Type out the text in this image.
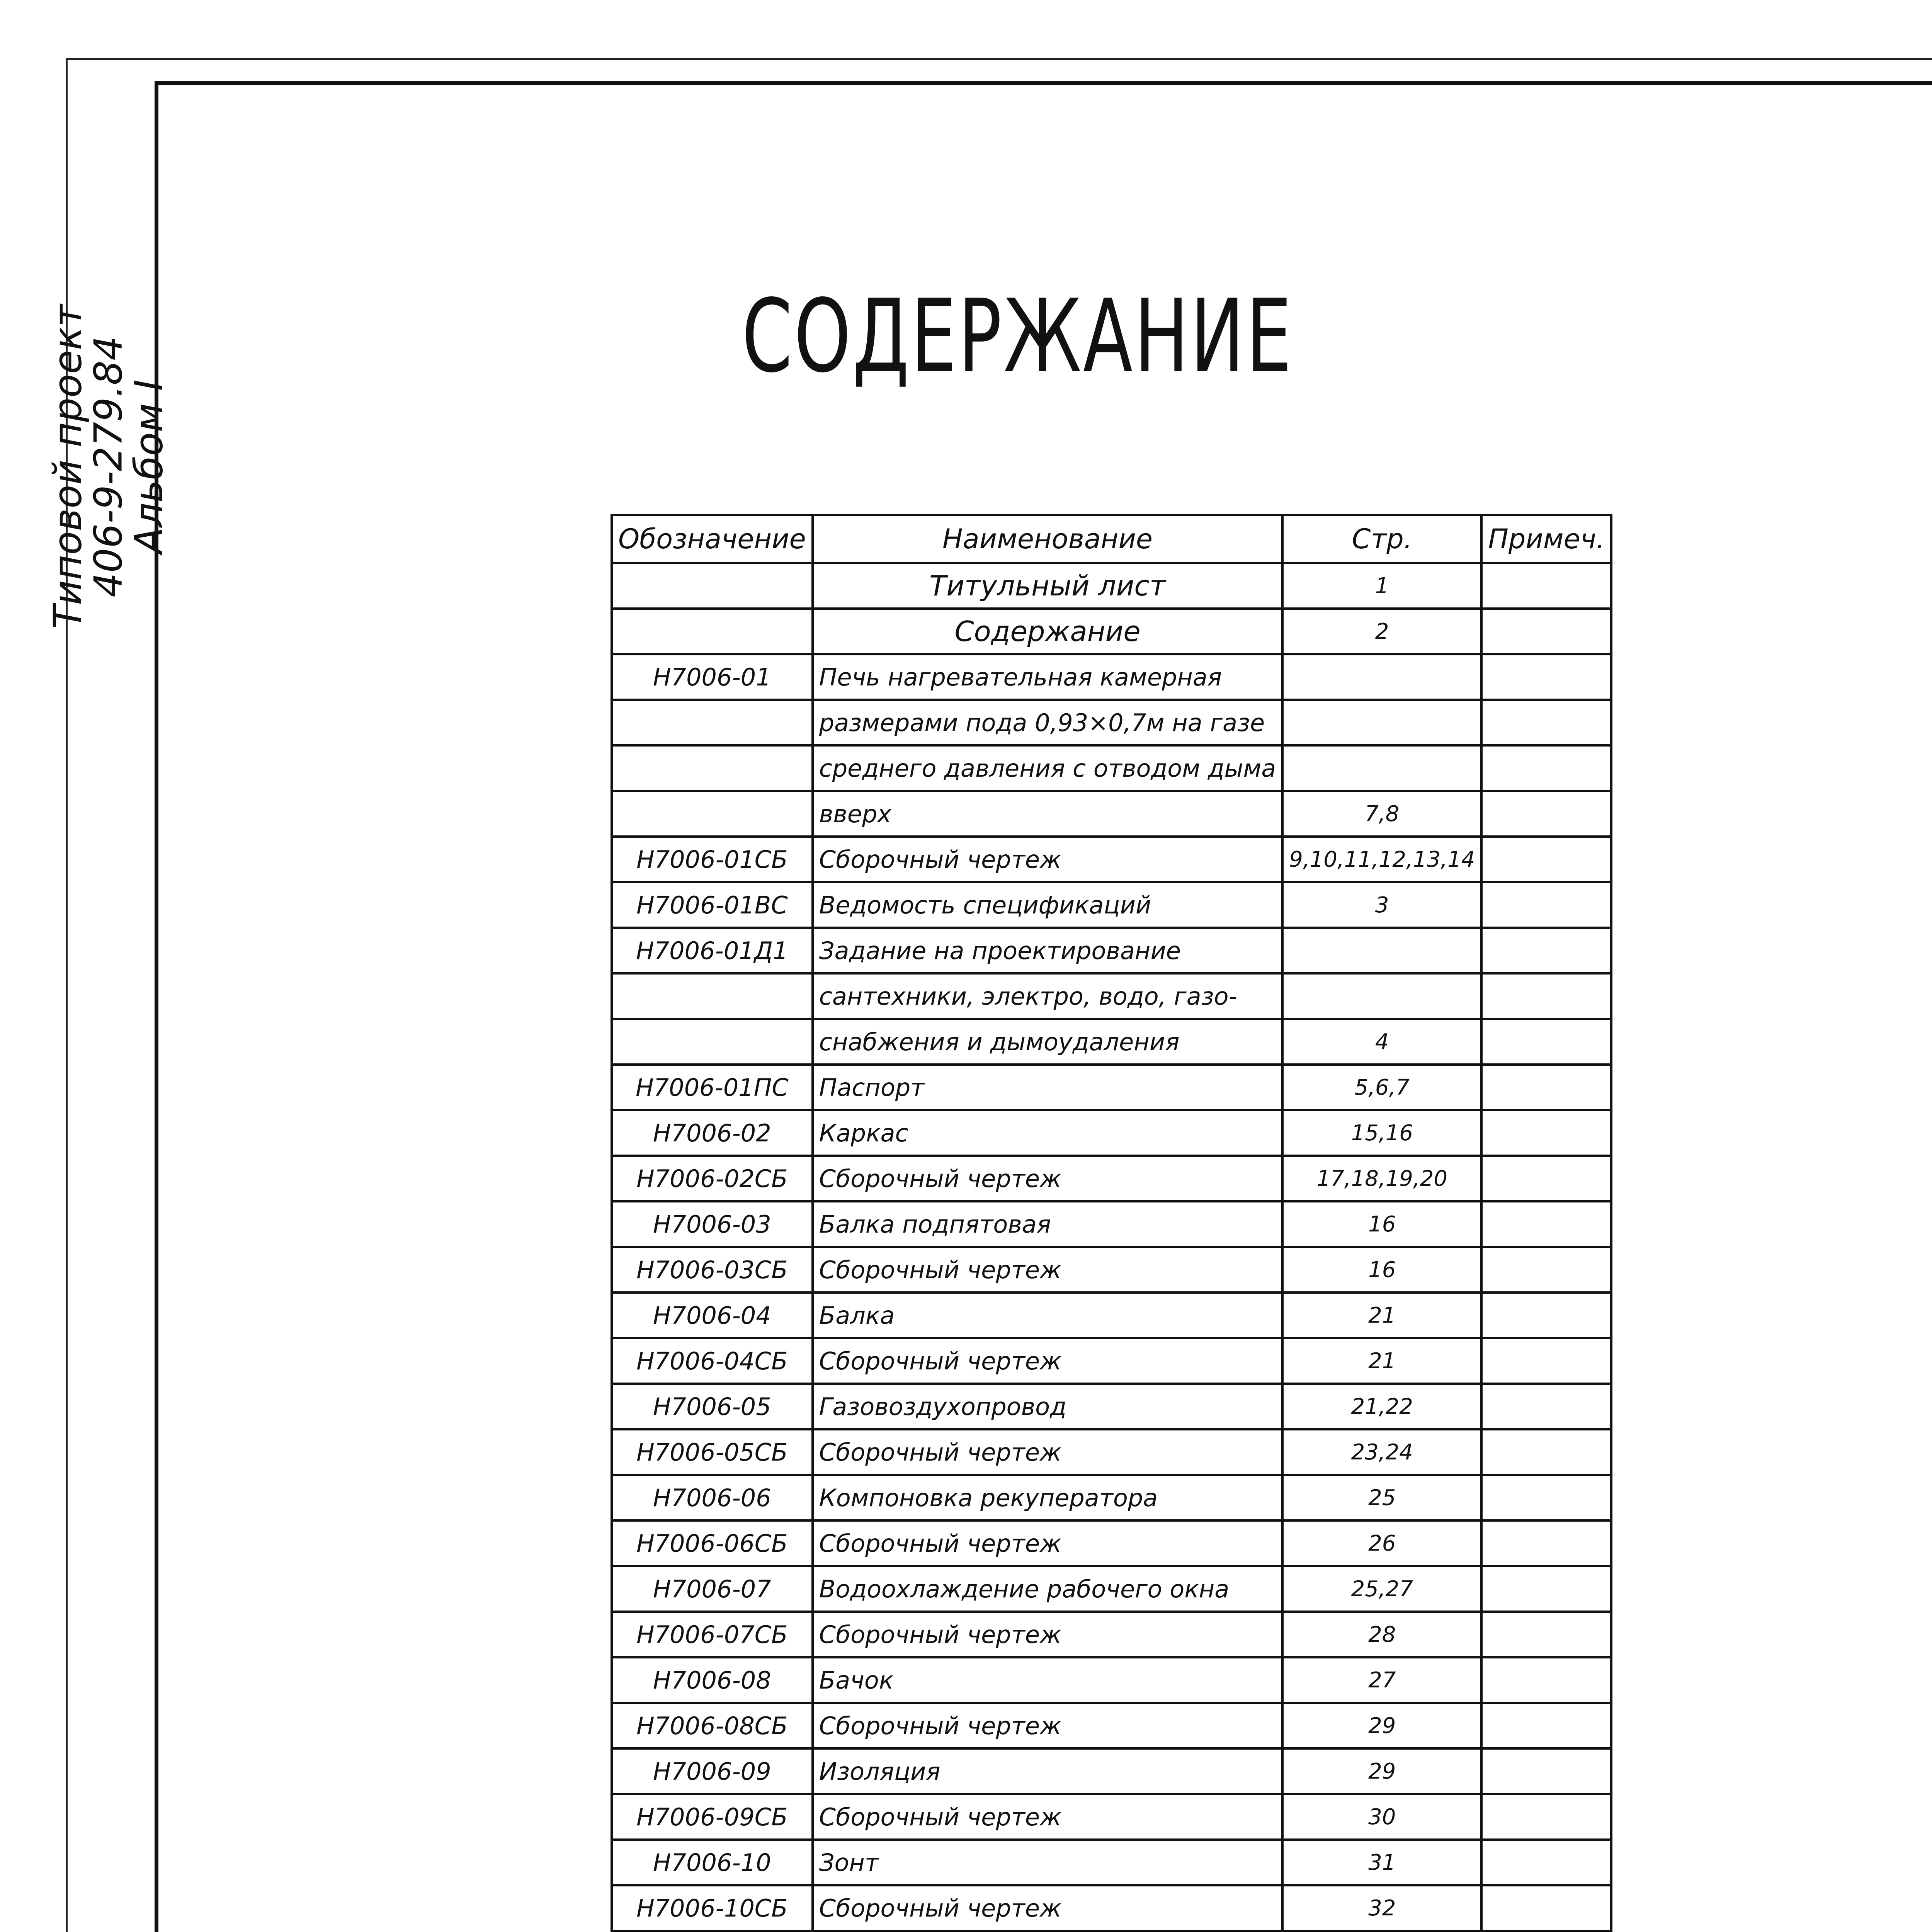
Типовой проект 406-9-279.84
Альбом I
СОДЕРЖАНИЕ
Обозначение	Наименование	Стр.	Примеч.
	Титульный лист	1	
	Содержание	2	
Н7006-01	Печь нагревательная камерная		
	размерами пода 0,93×0,7м на газе		
	среднего давления с отводом дыма		
	вверх	7,8	
Н7006-01СБ	Сборочный чертеж	9,10,11,12,13,14	
Н7006-01ВС	Ведомость спецификаций	3	
Н7006-01Д1	Задание на проектирование		
	сантехники, электро, водо, газо-		
	снабжения и дымоудаления	4	
Н7006-01ПС	Паспорт	5,6,7	
Н7006-02	Каркас	15,16	
Н7006-02СБ	Сборочный чертеж	17,18,19,20	
Н7006-03	Балка подпятовая	16	
Н7006-03СБ	Сборочный чертеж	16	
Н7006-04	Балка	21	
Н7006-04СБ	Сборочный чертеж	21	
Н7006-05	Газовоздухопровод	21,22	
Н7006-05СБ	Сборочный чертеж	23,24	
Н7006-06	Компоновка рекуператора	25	
Н7006-06СБ	Сборочный чертеж	26	
Н7006-07	Водоохлаждение рабочего окна	25,27	
Н7006-07СБ	Сборочный чертеж	28	
Н7006-08	Бачок	27	
Н7006-08СБ	Сборочный чертеж	29	
Н7006-09	Изоляция	29	
Н7006-09СБ	Сборочный чертеж	30	
Н7006-10	Зонт	31	
Н7006-10СБ	Сборочный чертеж	32	
